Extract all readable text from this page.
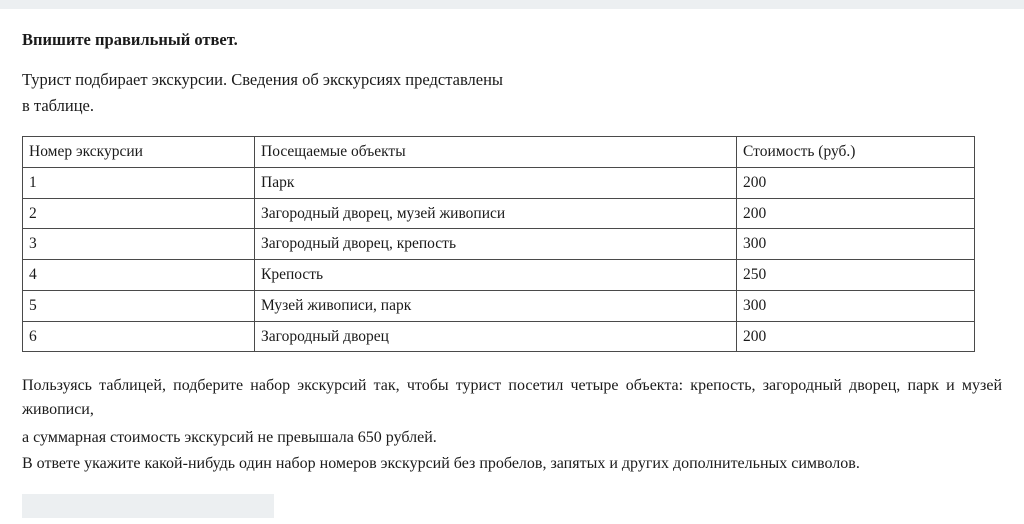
Впишите правильный ответ.
Турист подбирает экскурсии. Сведения об экскурсиях представлены
в таблице.
Номер экскурсии	Посещаемые объекты	Стоимость (руб.)
1	Парк	200
2	Загородный дворец, музей живописи	200
3	Загородный дворец, крепость	300
4	Крепость	250
5	Музей живописи, парк	300
6	Загородный дворец	200

Пользуясь таблицей, подберите набор экскурсий так, чтобы турист посетил четыре объекта: крепость, загородный дворец, парк и музей живописи,

а суммарная стоимость экскурсий не превышала 650 рублей.

В ответе укажите какой-нибудь один набор номеров экскурсий без пробелов, запятых и других дополнительных символов.
